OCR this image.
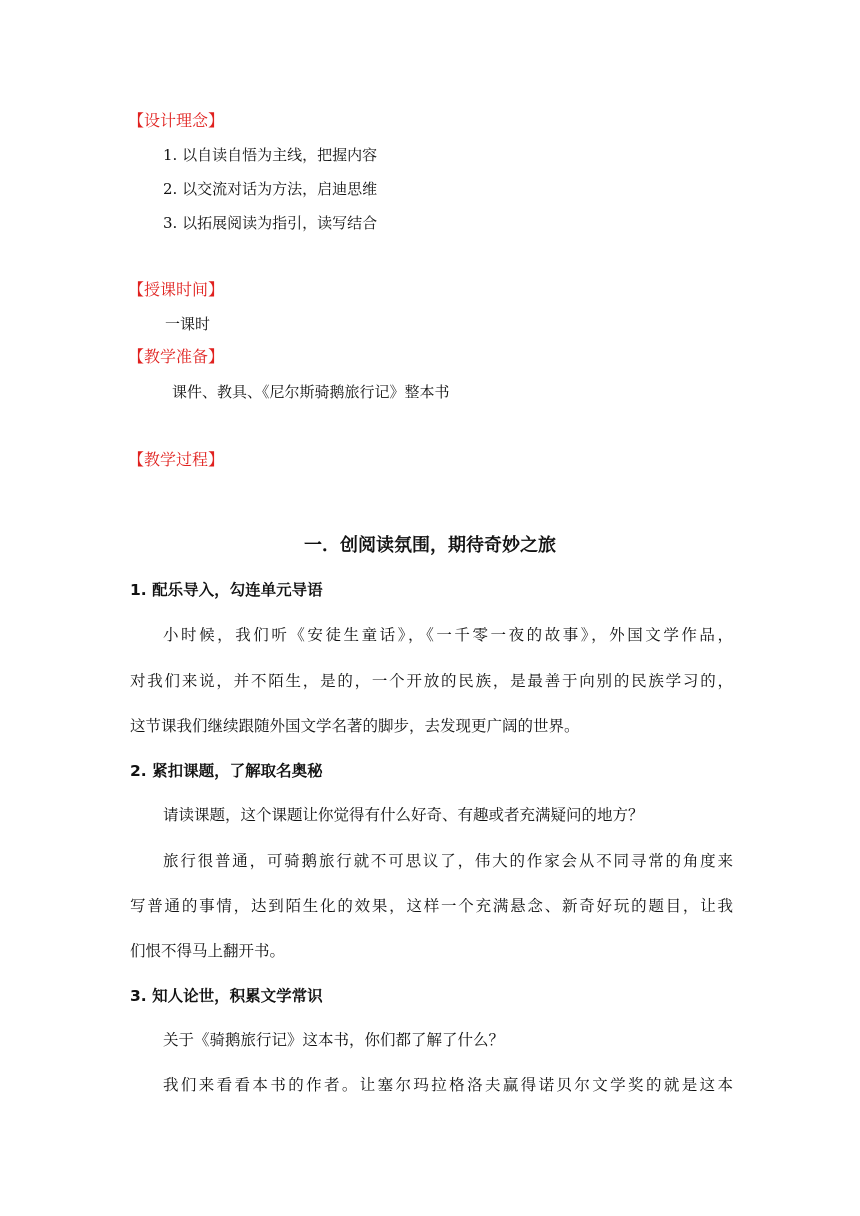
【设计理念】
1. 以自读自悟为主线，把握内容
2. 以交流对话为方法，启迪思维
3. 以拓展阅读为指引，读写结合
【授课时间】
一课时
【教学准备】
课件、教具、《尼尔斯骑鹅旅行记》整本书
【教学过程】
一．创阅读氛围，期待奇妙之旅
1. 配乐导入，勾连单元导语
小时候，我们听《安徒生童话》，《一千零一夜的故事》，外国文学作品，
对我们来说，并不陌生，是的，一个开放的民族，是最善于向别的民族学习的，
这节课我们继续跟随外国文学名著的脚步，去发现更广阔的世界。
2. 紧扣课题，了解取名奥秘
请读课题，这个课题让你觉得有什么好奇、有趣或者充满疑问的地方？
旅行很普通，可骑鹅旅行就不可思议了，伟大的作家会从不同寻常的角度来
写普通的事情，达到陌生化的效果，这样一个充满悬念、新奇好玩的题目，让我
们恨不得马上翻开书。
3. 知人论世，积累文学常识
关于《骑鹅旅行记》这本书，你们都了解了什么？
我们来看看本书的作者。让塞尔玛拉格洛夫赢得诺贝尔文学奖的就是这本
